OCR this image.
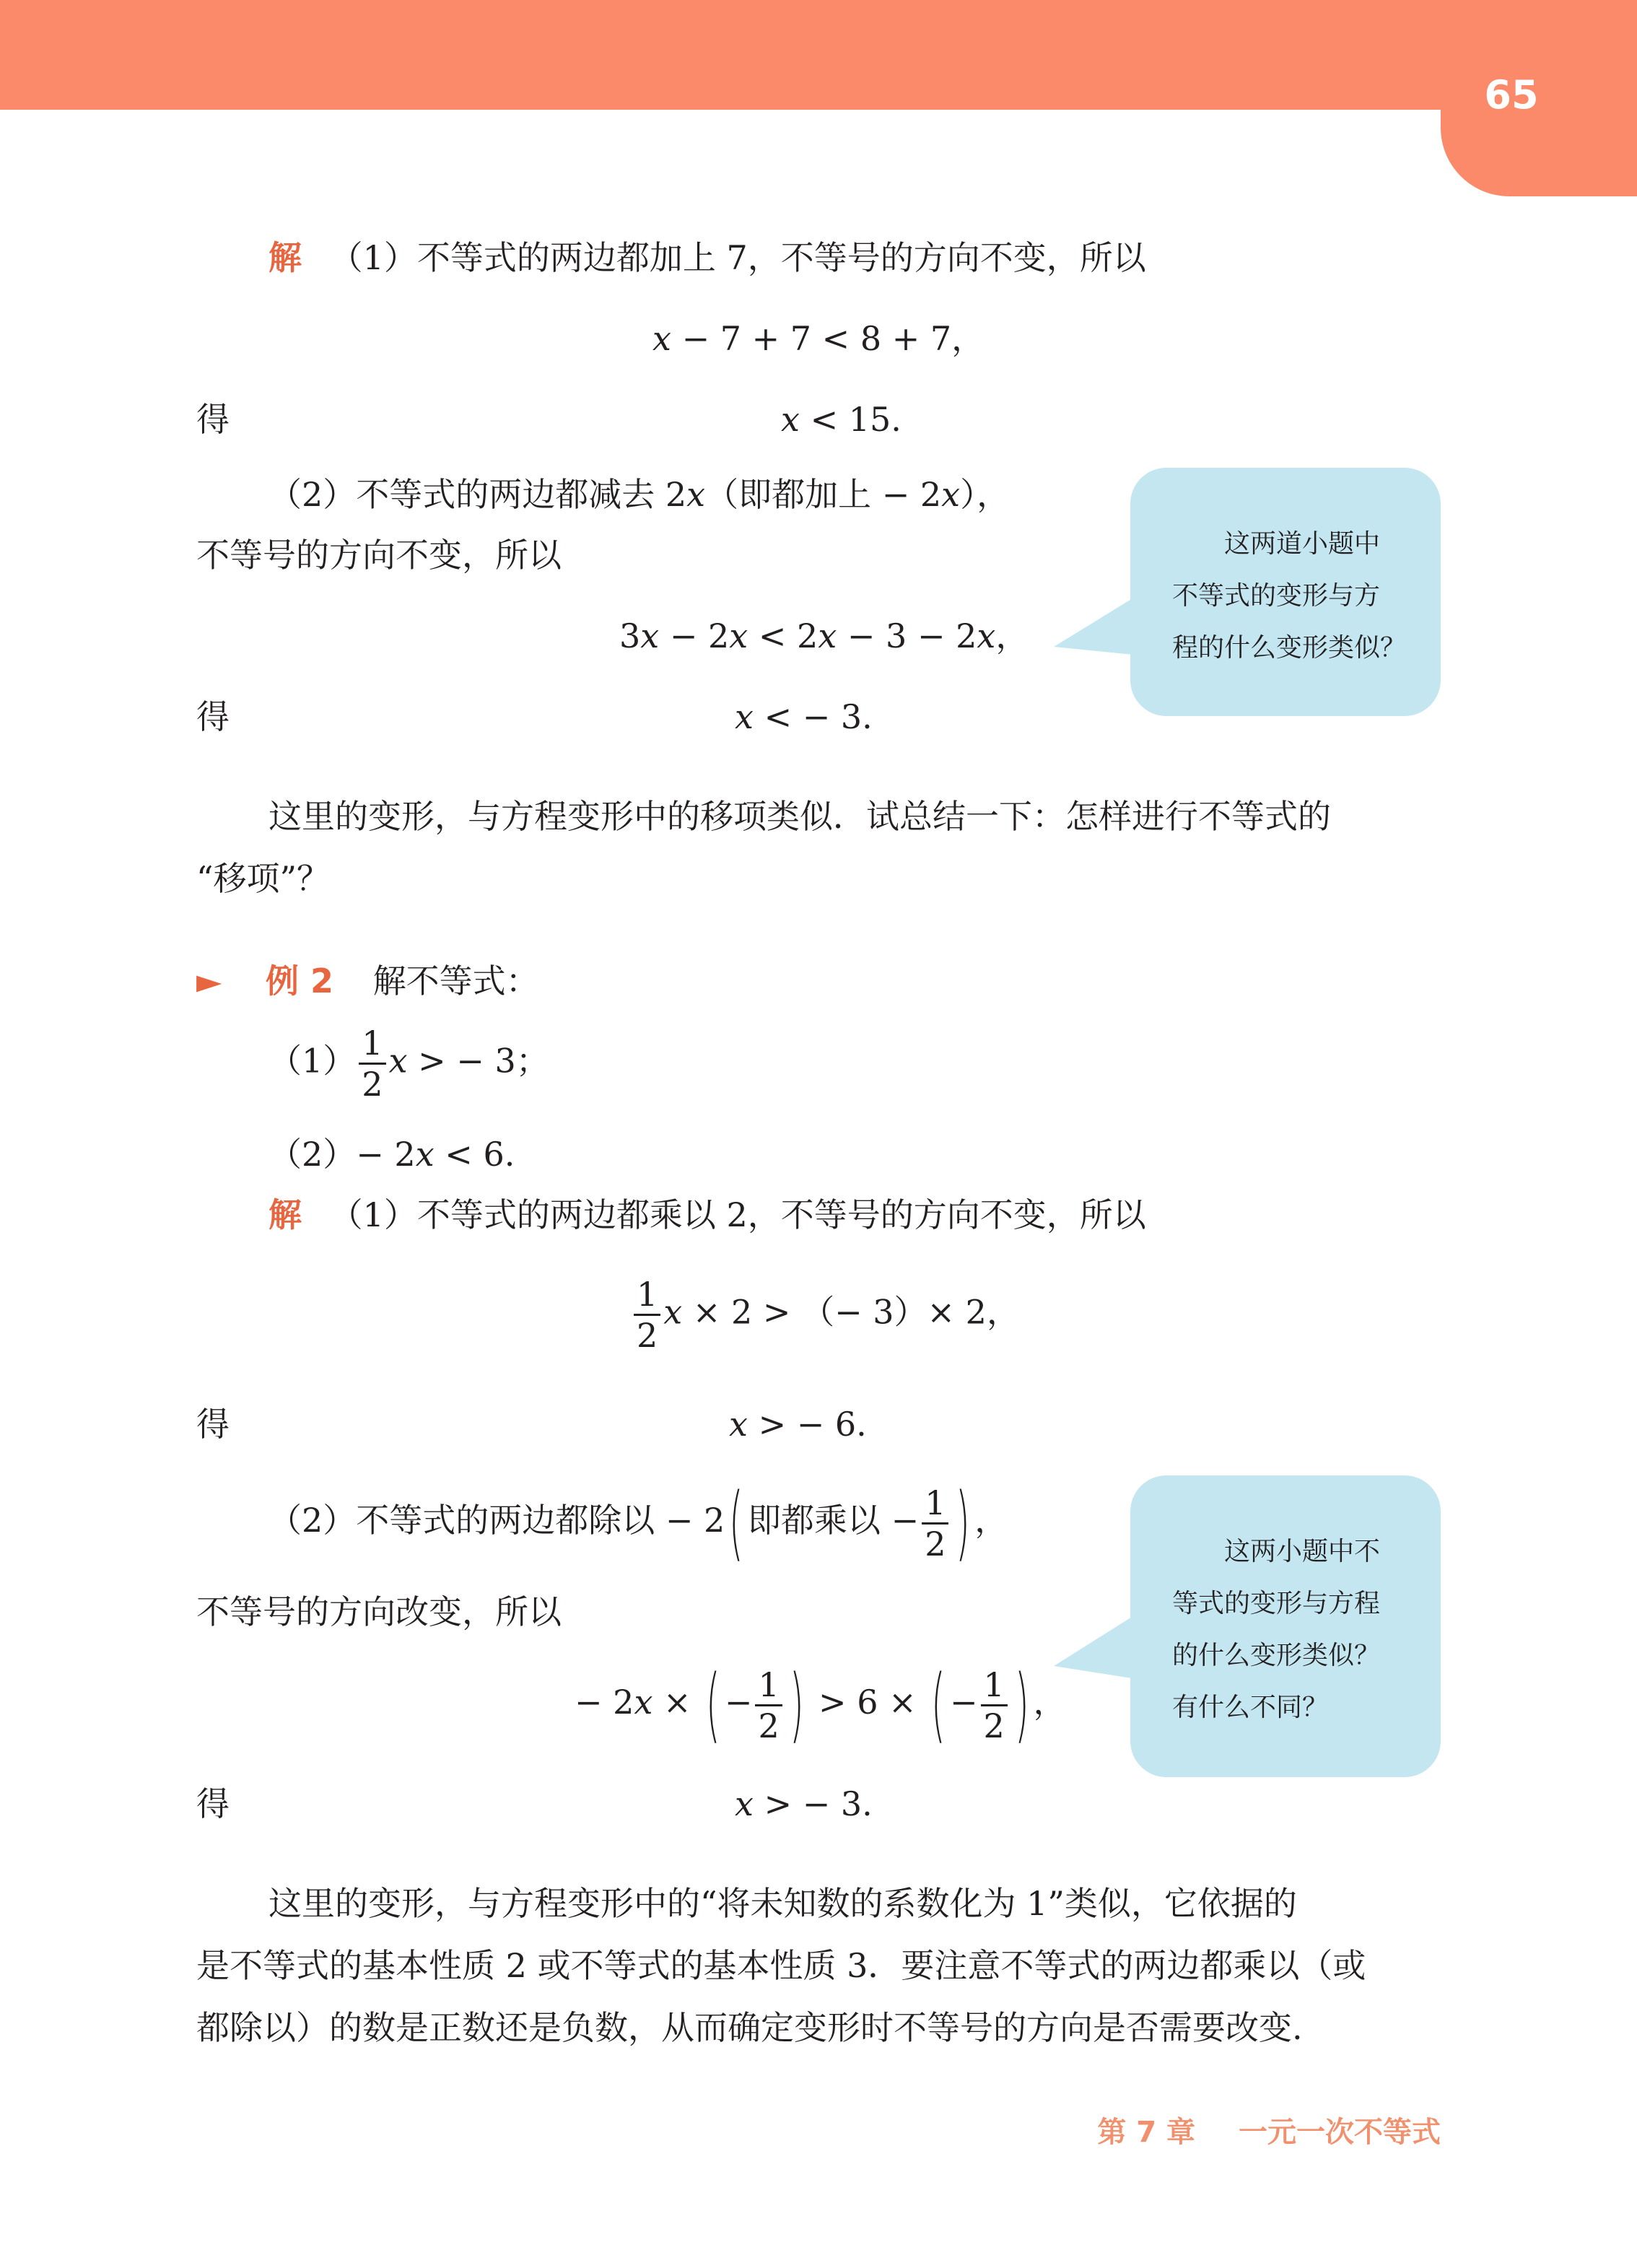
65
解 （1）不等式的两边都加上 7，不等号的方向不变，所以
x − 7 + 7 < 8 + 7，
得	x < 15.
（2）不等式的两边都减去 2x（即都加上 − 2x），
不等号的方向不变，所以
3x − 2x < 2x − 3 − 2x，
得	x < − 3.
这两道小题中
不等式的变形与方
程的什么变形类似？
这里的变形，与方程变形中的移项类似．试总结一下：怎样进行不等式的
“移项”？
► 例 2 解不等式：
$(1) \frac{1}{2}$ x > − 3；
（2）− 2x < 6.
解 （1）不等式的两边都乘以 2，不等号的方向不变，所以
$\frac{1}{2}$ x × 2 > （− 3）× 2，
得	x > − 6.
（2）不等式的两边都除以 − 2( 即都乘以 − $\frac{1}{2}$ ) ，
不等号的方向改变，所以
− 2x × ( − $\frac{1}{2}$ ) > 6 × ( − $\frac{1}{2}$ ) ，
得	x > − 3.
这两小题中不
等式的变形与方程
的什么变形类似？
有什么不同？
这里的变形，与方程变形中的“将未知数的系数化为 1”类似，它依据的
是不等式的基本性质 2 或不等式的基本性质 3．要注意不等式的两边都乘以（或
都除以）的数是正数还是负数，从而确定变形时不等号的方向是否需要改变.
第 7 章 一元一次不等式
